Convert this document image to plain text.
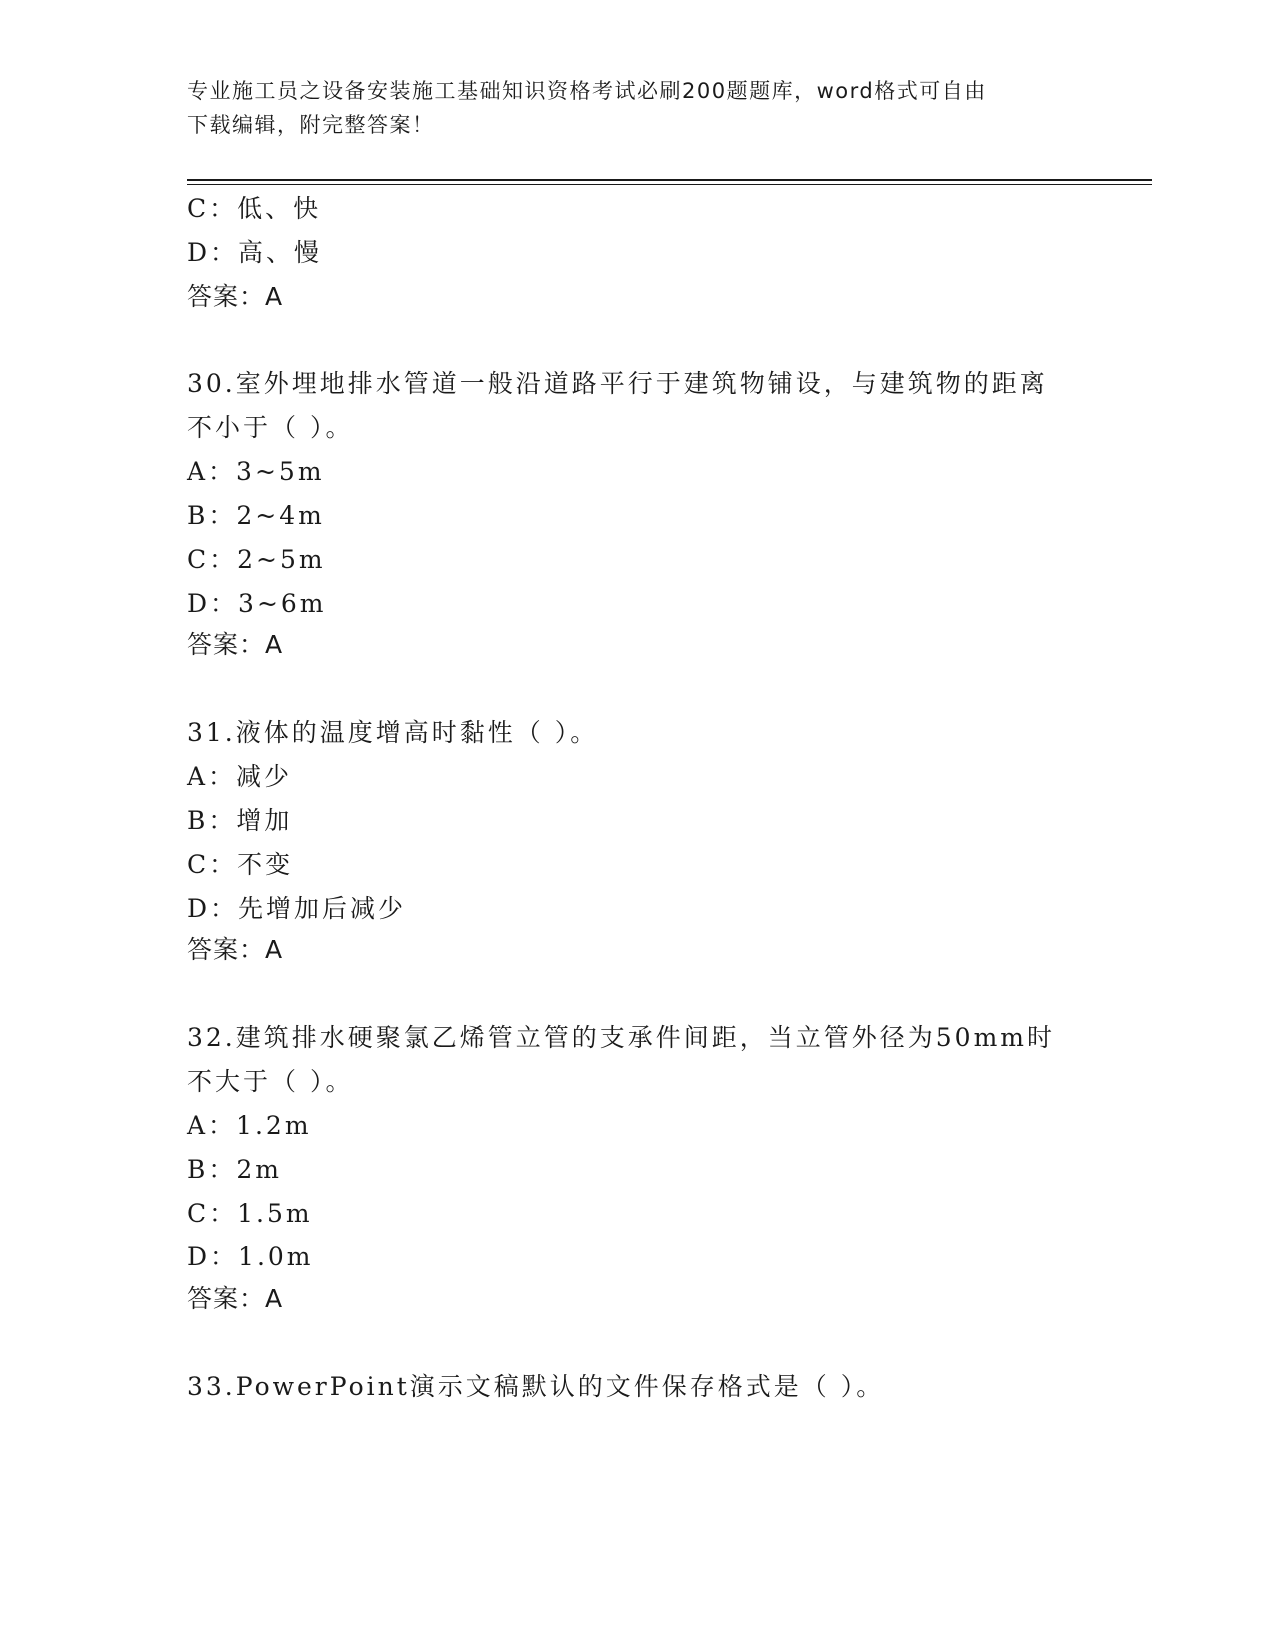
专业施工员之设备安装施工基础知识资格考试必刷200题题库，word格式可自由
下载编辑，附完整答案！
C：低、快
D：高、慢
答案：A
30.室外埋地排水管道一般沿道路平行于建筑物铺设，与建筑物的距离
不小于（ ）。
A：3~5m
B：2~4m
C：2~5m
D：3~6m
答案：A
31.液体的温度增高时黏性（ ）。
A：减少
B：增加
C：不变
D：先增加后减少
答案：A
32.建筑排水硬聚氯乙烯管立管的支承件间距，当立管外径为50mm时
不大于（ ）。
A：1.2m
B：2m
C：1.5m
D：1.0m
答案：A
33.PowerPoint演示文稿默认的文件保存格式是（ ）。
